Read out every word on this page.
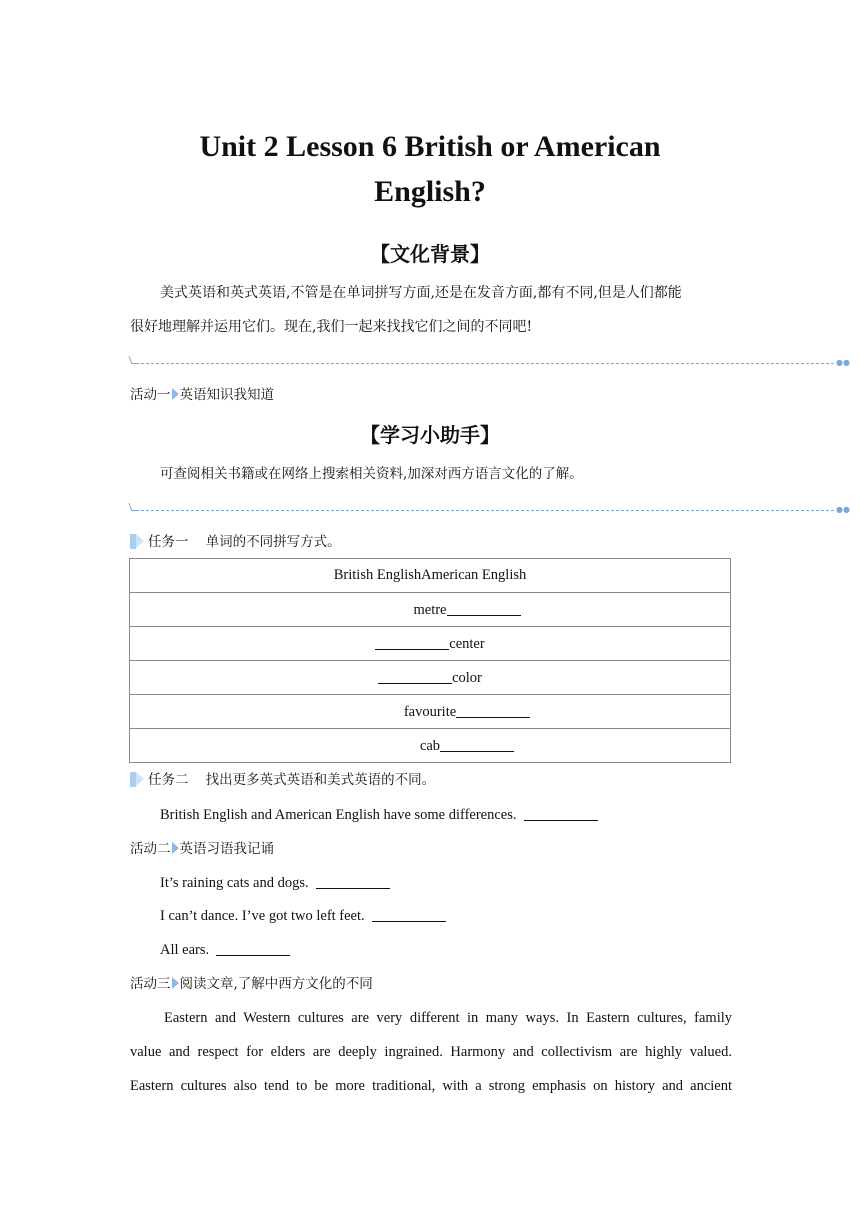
Unit 2 Lesson 6 British or American
English?
【文化背景】
美式英语和英式英语,不管是在单词拼写方面,还是在发音方面,都有不同,但是人们都能
很好地理解并运用它们。现在,我们一起来找找它们之间的不同吧!
●●
活动一 英语知识我知道
【学习小助手】
可查阅相关书籍或在网络上搜索相关资料,加深对西方语言文化的了解。
●●
任务一 单词的不同拼写方式。
British EnglishAmerican English
metre
center
color
favourite
cab
任务二 找出更多英式英语和美式英语的不同。
British English and American English have some differences.
活动二 英语习语我记诵
It’s raining cats and dogs.
I can’t dance. I’ve got two left feet.
All ears.
活动三 阅读文章,了解中西方文化的不同
Eastern and Western cultures are very different in many ways. In Eastern cultures, family
value and respect for elders are deeply ingrained. Harmony and collectivism are highly valued.
Eastern cultures also tend to be more traditional, with a strong emphasis on history and ancient
